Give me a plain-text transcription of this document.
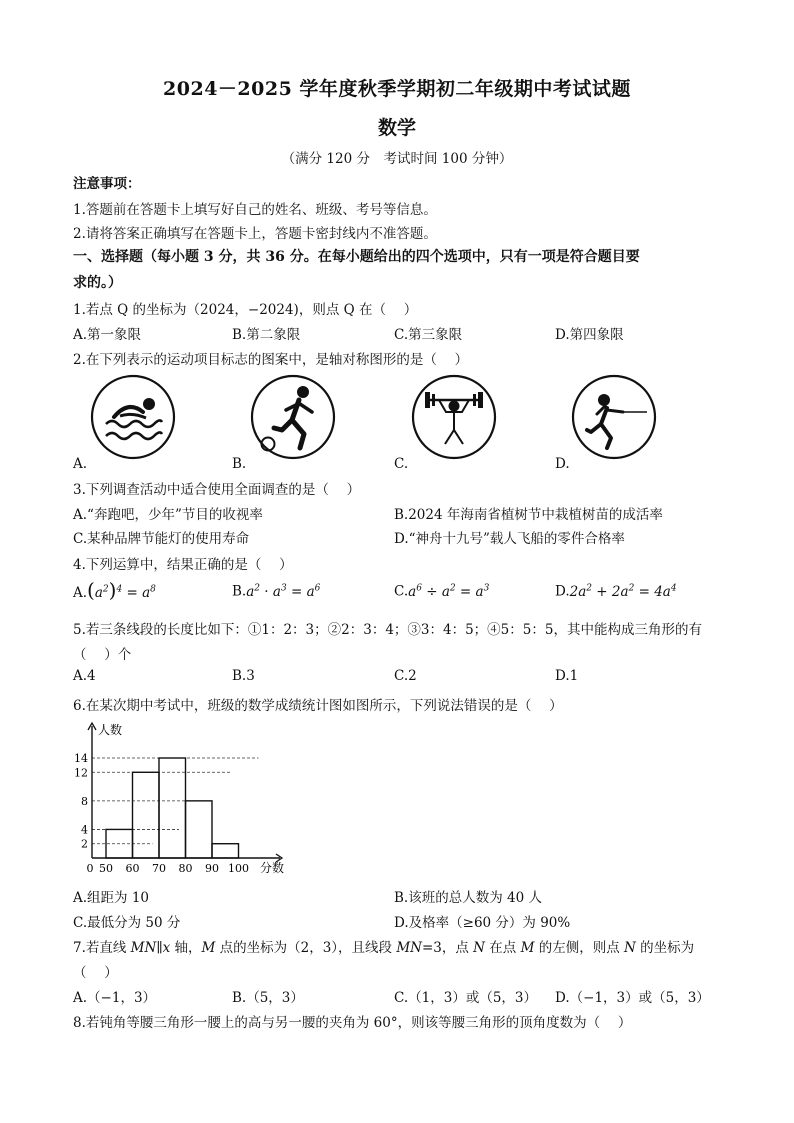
2024－2025 学年度秋季学期初二年级期中考试试题
数学
（满分 120 分　考试时间 100 分钟）
注意事项：
1.答题前在答题卡上填写好自己的姓名、班级、考号等信息。
2.请将答案正确填写在答题卡上，答题卡密封线内不准答题。
一、选择题（每小题 3 分，共 36 分。在每小题给出的四个选项中，只有一项是符合题目要
求的。）
1.若点 Q 的坐标为（2024，−2024)，则点 Q 在（　 ）
A.第一象限	B.第二象限	C.第三象限	D.第四象限
2.在下列表示的运动项目标志的图案中，是轴对称图形的是（　 ）
A.	B.	C.	D.
3.下列调查活动中适合使用全面调查的是（　 ）
A.“奔跑吧，少年”节目的收视率	B.2024 年海南省植树节中栽植树苗的成活率
C.某种品牌节能灯的使用寿命	D.“神舟十九号”载人飞船的零件合格率
4.下列运算中，结果正确的是（　 ）
$A.(a^2)^4 = a^8$	$B.a^2 \cdot a^3 = a^6$	$C.a^6 \div a^2 = a^3$	$D.2a^2 + 2a^2 = 4a^4$
5.若三条线段的长度比如下：①1：2：3；②2：3：4；③3：4：5；④5：5：5，其中能构成三角形的有
（　 ）个
A.4	B.3	C.2	D.1
6.在某次期中考试中，班级的数学成绩统计图如图所示，下列说法错误的是（　 ）
2
4
8
12
14
0 50 60 70 80 90 100
人数
分数
A.组距为 10	B.该班的总人数为 40 人
C.最低分为 50 分	D.及格率（≥60 分）为 90%
7.若直线 MN∥x 轴，M 点的坐标为（2，3），且线段 MN=3，点 N 在点 M 的左侧，则点 N 的坐标为
（　 ）
A.（−1，3）	B.（5，3）	C.（1，3）或（5，3） D.（−1，3）或（5，3）
8.若钝角等腰三角形一腰上的高与另一腰的夹角为 60°，则该等腰三角形的顶角度数为（　 ）
